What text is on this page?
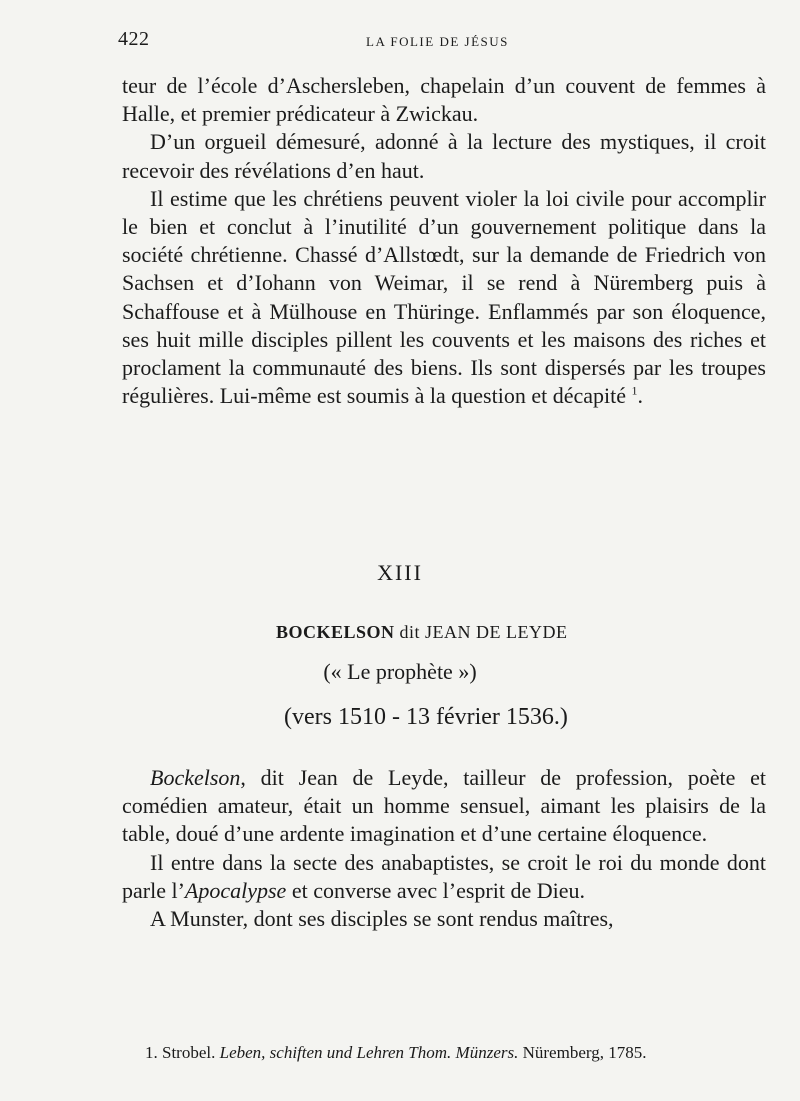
422	LA FOLIE DE JÉSUS

teur de l’école d’Aschersleben, chapelain d’un couvent de femmes à Halle, et premier prédicateur à Zwickau.

D’un orgueil démesuré, adonné à la lecture des mystiques, il croit recevoir des révélations d’en haut.

Il estime que les chrétiens peuvent violer la loi civile pour accomplir le bien et conclut à l’inutilité d’un gouvernement politique dans la société chrétienne. Chassé d’Allstœdt, sur la demande de Friedrich von Sachsen et d’Iohann von Weimar, il se rend à Nüremberg puis à Schaffouse et à Mülhouse en Thüringe. Enflammés par son éloquence, ses huit mille disciples pillent les couvents et les maisons des riches et proclament la communauté des biens. Ils sont dispersés par les troupes régulières. Lui-même est soumis à la question et décapité $^1$.

XIII
BOCKELSON dit JEAN DE LEYDE
(« Le prophète »)
(vers 1510 - 13 février 1536.)

Bockelson, dit Jean de Leyde, tailleur de profession, poète et comédien amateur, était un homme sensuel, aimant les plaisirs de la table, doué d’une ardente imagination et d’une certaine éloquence.

Il entre dans la secte des anabaptistes, se croit le roi du monde dont parle l’Apocalypse et converse avec l’esprit de Dieu.

A Munster, dont ses disciples se sont rendus maîtres,

1. Strobel. Leben, schiften und Lehren Thom. Münzers. Nüremberg, 1785.
